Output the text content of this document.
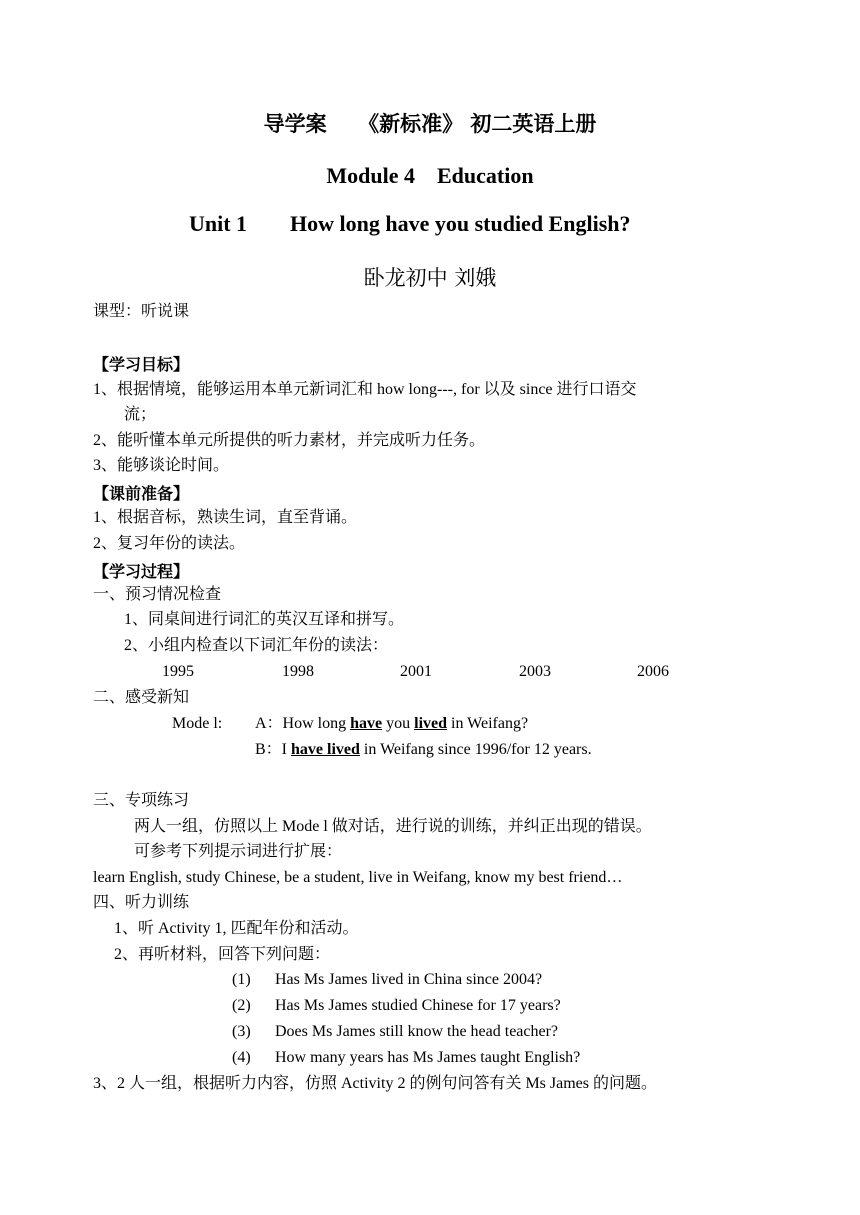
导学案　　《新标准》 初二英语上册
Module 4　Education
Unit 1 How long have you studied English?
卧龙初中 刘娥
课型：听说课
【学习目标】
1、根据情境，能够运用本单元新词汇和 how long---, for 以及 since 进行口语交
流；
2、能听懂本单元所提供的听力素材，并完成听力任务。
3、能够谈论时间。
【课前准备】
1、根据音标，熟读生词，直至背诵。
2、复习年份的读法。
【学习过程】
一、预习情况检查
1、同桌间进行词汇的英汉互译和拼写。
2、小组内检查以下词汇年份的读法：
1995	1998	2001	2003	2006
二、感受新知
Mode l: A：How long have you lived in Weifang?
B：I have lived in Weifang since 1996/for 12 years.
三、专项练习
两人一组，仿照以上 Mode l 做对话，进行说的训练，并纠正出现的错误。
可参考下列提示词进行扩展：
learn English, study Chinese, be a student, live in Weifang, know my best friend…
四、听力训练
1、听 Activity 1, 匹配年份和活动。
2、再听材料，回答下列问题：
(1) Has Ms James lived in China since 2004?
(2) Has Ms James studied Chinese for 17 years?
(3) Does Ms James still know the head teacher?
(4) How many years has Ms James taught English?
3、2 人一组，根据听力内容，仿照 Activity 2 的例句问答有关 Ms James 的问题。
